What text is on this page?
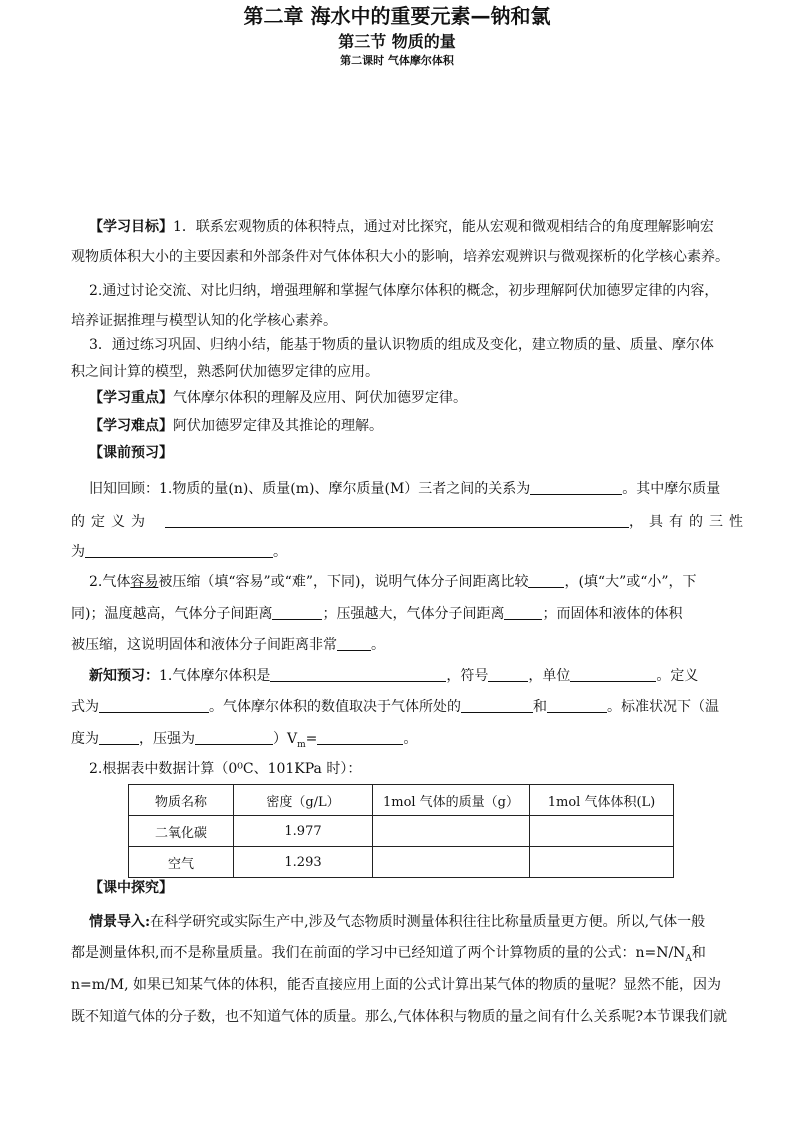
第二章 海水中的重要元素—钠和氯
第三节 物质的量
第二课时 气体摩尔体积
【学习目标】1．联系宏观物质的体积特点，通过对比探究，能从宏观和微观相结合的角度理解影响宏
观物质体积大小的主要因素和外部条件对气体体积大小的影响，培养宏观辨识与微观探析的化学核心素养。
2.通过讨论交流、对比归纳，增强理解和掌握气体摩尔体积的概念，初步理解阿伏加德罗定律的内容，
培养证据推理与模型认知的化学核心素养。
3．通过练习巩固、归纳小结，能基于物质的量认识物质的组成及变化，建立物质的量、质量、摩尔体
积之间计算的模型，熟悉阿伏加德罗定律的应用。
【学习重点】气体摩尔体积的理解及应用、阿伏加德罗定律。
【学习难点】阿伏加德罗定律及其推论的理解。
【课前预习】
旧知回顾：1.物质的量(n)、质量(m)、摩尔质量(M）三者之间的关系为	。其中摩尔质量
的定义为	，具有的三性
为	。
2.气体容易被压缩（填“容易”或“难”，下同)，说明气体分子间距离比较	，(填“大”或“小”，下
同)；温度越高，气体分子间距离	；压强越大，气体分子间距离	；而固体和液体的体积
被压缩，这说明固体和液体分子间距离非常 。
新知预习：1.气体摩尔体积是	，符号	，单位	。定义
式为	。气体摩尔体积的数值取决于气体所处的	和	。标准状况下（温
度为	，压强为	）$V_m=$	。
2.根据表中数据计算（0⁰C、101KPa 时）：
物质名称	密度（g/L）	1mol 气体的质量（g）	1mol 气体体积(L)
二氧化碳	1.977		
空气	1.293		
【课中探究】
情景导入:在科学研究或实际生产中,涉及气态物质时测量体积往往比称量质量更方便。所以,气体一般
都是测量体积,而不是称量质量。我们在前面的学习中已经知道了两个计算物质的量的公式：$n=N/N_A$和
n=m/M, 如果已知某气体的体积，能否直接应用上面的公式计算出某气体的物质的量呢？显然不能，因为
既不知道气体的分子数，也不知道气体的质量。那么,气体体积与物质的量之间有什么关系呢?本节课我们就
